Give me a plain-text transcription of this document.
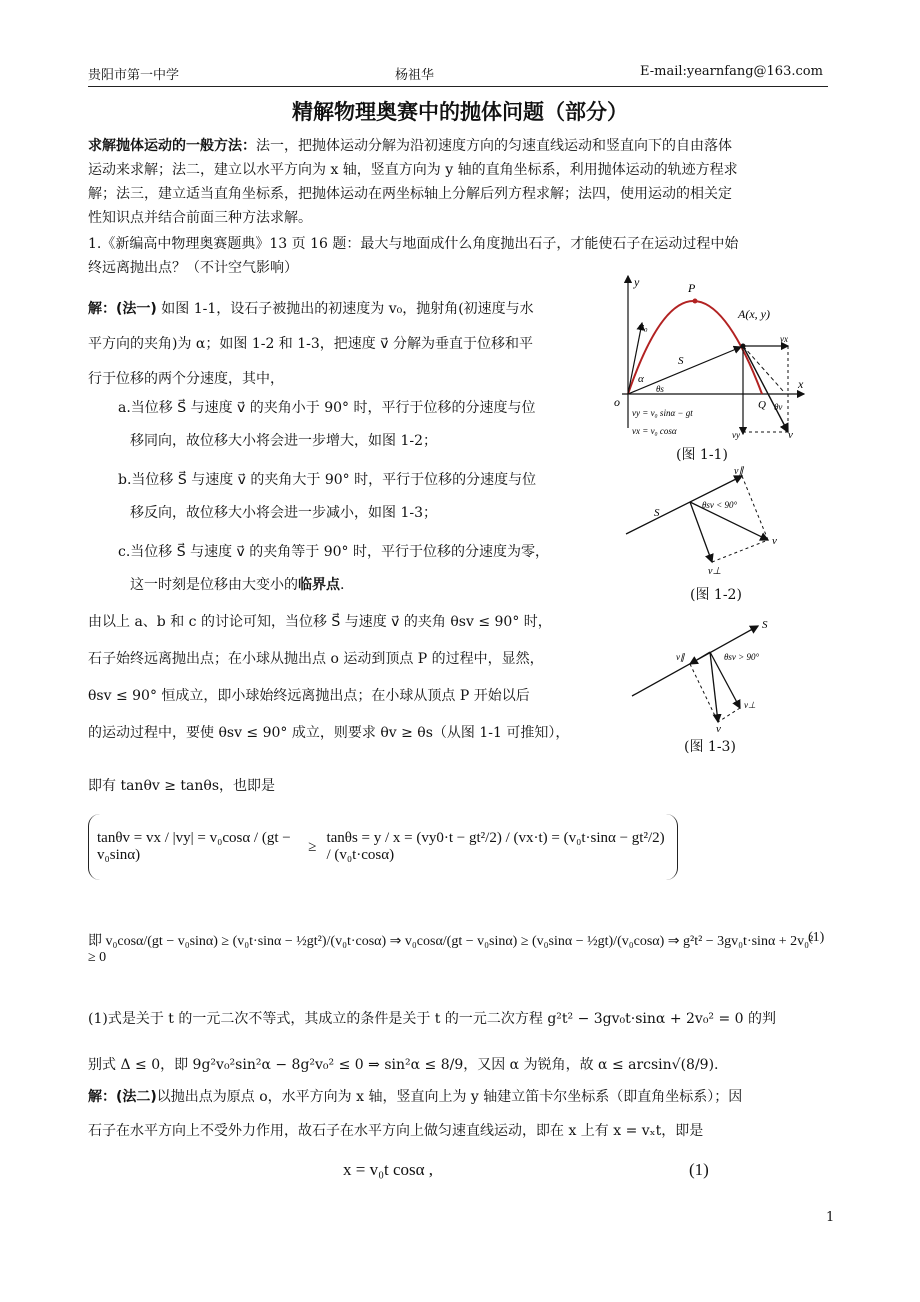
贵阳市第一中学	杨祖华	E-mail:yearnfang@163.com
精解物理奥赛中的抛体问题（部分）
求解抛体运动的一般方法：法一，把抛体运动分解为沿初速度方向的匀速直线运动和竖直向下的自由落体
运动来求解；法二，建立以水平方向为 x 轴，竖直方向为 y 轴的直角坐标系，利用抛体运动的轨迹方程求
解；法三，建立适当直角坐标系，把抛体运动在两坐标轴上分解后列方程求解；法四，使用运动的相关定
性知识点并结合前面三种方法求解。
1.《新编高中物理奥赛题典》13 页 16 题：最大与地面成什么角度抛出石子，才能使石子在运动过程中始
终远离抛出点？（不计空气影响）
解：(法一) 如图 1-1，设石子被抛出的初速度为 v₀，抛射角(初速度与水
平方向的夹角)为 α；如图 1-2 和 1-3，把速度 v⃗ 分解为垂直于位移和平
行于位移的两个分速度，其中，
a.当位移 S⃗ 与速度 v⃗ 的夹角小于 90° 时，平行于位移的分速度与位
移同向，故位移大小将会进一步增大，如图 1-2；
b.当位移 S⃗ 与速度 v⃗ 的夹角大于 90° 时，平行于位移的分速度与位
移反向，故位移大小将会进一步减小，如图 1-3；
c.当位移 S⃗ 与速度 v⃗ 的夹角等于 90° 时，平行于位移的分速度为零，
这一时刻是位移由大变小的临界点.
由以上 a、b 和 c 的讨论可知，当位移 S⃗ 与速度 v⃗ 的夹角 θsv ≤ 90° 时，
石子始终远离抛出点；在小球从抛出点 o 运动到顶点 P 的过程中，显然，
θsv ≤ 90° 恒成立，即小球始终远离抛出点；在小球从顶点 P 开始以后
的运动过程中，要使 θsv ≤ 90° 成立，则要求 θv ≥ θs（从图 1-1 可推知），
即有 tanθv ≥ tanθs，也即是
tanθv = vx / |vy| = v₀cosα / (gt − v₀sinα)
≥
tanθs = y / x = (vy0·t − gt²/2) / (vx·t) = (v₀t·sinα − gt²/2) / (v₀t·cosα)
即 v₀cosα/(gt − v₀sinα) ≥ (v₀t·sinα − ½gt²)/(v₀t·cosα) ⇒ v₀cosα/(gt − v₀sinα) ≥ (v₀sinα − ½gt)/(v₀cosα) ⇒ g²t² − 3gv₀t·sinα + 2v₀² ≥ 0
(1)
(1)式是关于 t 的一元二次不等式，其成立的条件是关于 t 的一元二次方程 g²t² − 3gv₀t·sinα + 2v₀² = 0 的判
别式 Δ ≤ 0，即 9g²v₀²sin²α − 8g²v₀² ≤ 0 ⇒ sin²α ≤ 8/9，又因 α 为锐角，故 α ≤ arcsin√(8/9).
解：(法二)以抛出点为原点 o，水平方向为 x 轴，竖直向上为 y 轴建立笛卡尔坐标系（即直角坐标系）；因
石子在水平方向上不受外力作用，故石子在水平方向上做匀速直线运动，即在 x 上有 x = vₓt，即是
x = v₀t cosα ,	(1)
1
y
x
o
P
A(x, y)
v₀
S
α
θs
θv
Q
vx
vy	v
vy = v₀ sinα − gt
vx = v₀ cosα
(图 1-1)
v∥
S
v
v⊥
θsv < 90°
(图 1-2)
S
v∥
v
v⊥
θsv > 90°
(图 1-3)
